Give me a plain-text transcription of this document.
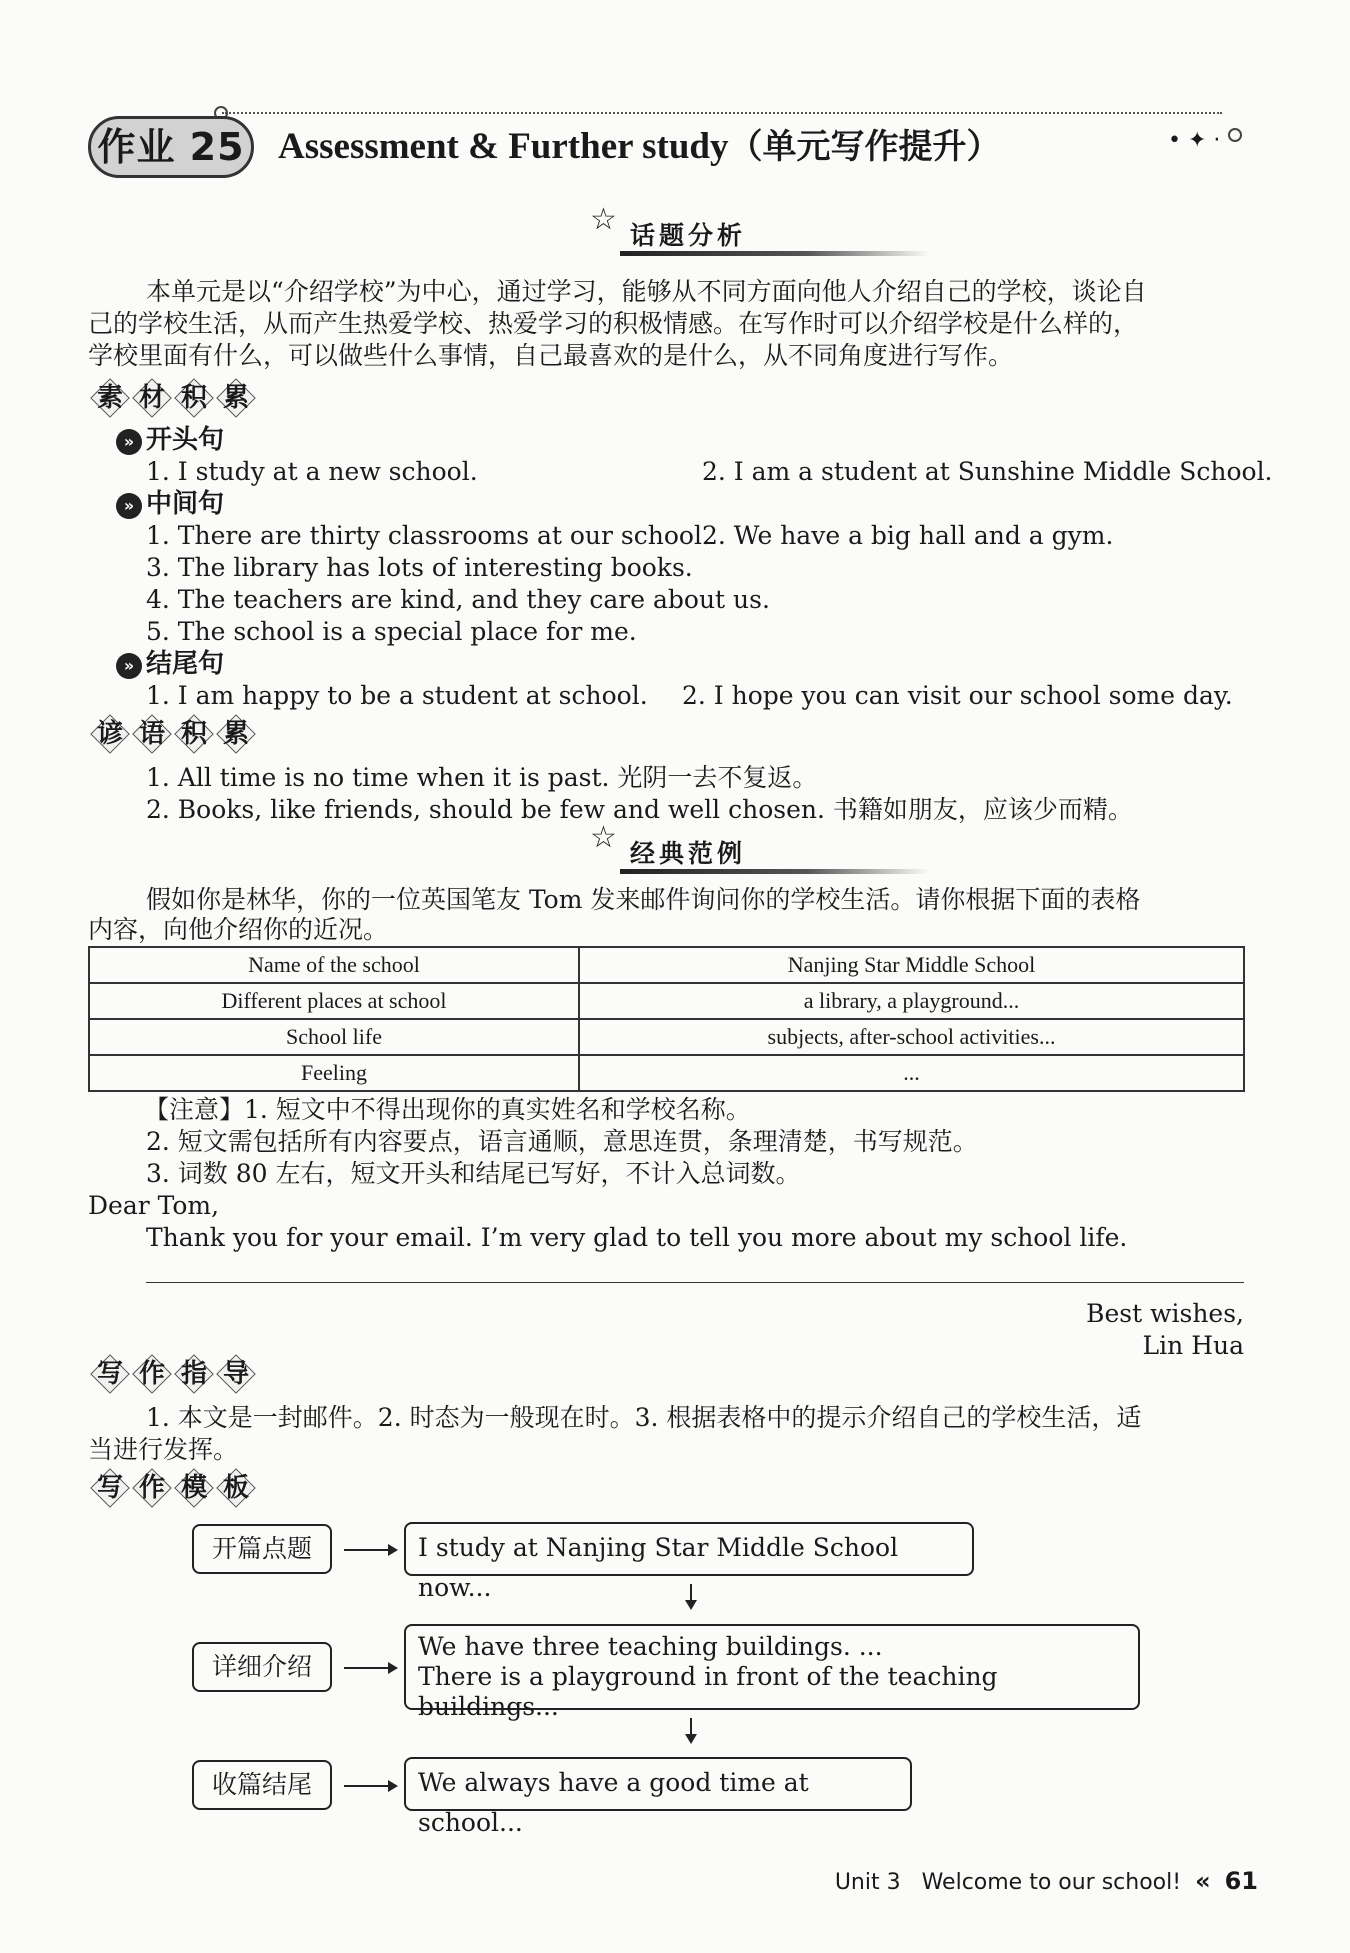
• ✦ ·
作业 25 Assessment & Further study（单元写作提升）
☆ 话题分析
本单元是以“介绍学校”为中心，通过学习，能够从不同方面向他人介绍自己的学校，谈论自
己的学校生活，从而产生热爱学校、热爱学习的积极情感。在写作时可以介绍学校是什么样的，
学校里面有什么，可以做些什么事情，自己最喜欢的是什么，从不同角度进行写作。
素 材 积 累
» 开头句
1. I study at a new school.	2. I am a student at Sunshine Middle School.
» 中间句
1. There are thirty classrooms at our school.
2. We have a big hall and a gym.
3. The library has lots of interesting books.
4. The teachers are kind, and they care about us.
5. The school is a special place for me.
» 结尾句
1. I am happy to be a student at school. 2. I hope you can visit our school some day.
谚 语 积 累
1. All time is no time when it is past. 光阴一去不复返。
2. Books, like friends, should be few and well chosen. 书籍如朋友，应该少而精。
☆ 经典范例
假如你是林华，你的一位英国笔友 Tom 发来邮件询问你的学校生活。请你根据下面的表格
内容，向他介绍你的近况。
Name of the school	Nanjing Star Middle School
Different places at school	a library, a playground...
School life	subjects, after-school activities...
Feeling	...
【注意】1. 短文中不得出现你的真实姓名和学校名称。
2. 短文需包括所有内容要点，语言通顺，意思连贯，条理清楚，书写规范。
3. 词数 80 左右，短文开头和结尾已写好，不计入总词数。
Dear Tom,
Thank you for your email. I’m very glad to tell you more about my school life.
Best wishes,
Lin Hua
写 作 指 导
1. 本文是一封邮件。2. 时态为一般现在时。3. 根据表格中的提示介绍自己的学校生活，适
当进行发挥。
写 作 模 板
开篇点题	I study at Nanjing Star Middle School now...
详细介绍
We have three teaching buildings. ...
There is a playground in front of the teaching buildings...
收篇结尾	We always have a good time at school...
Unit 3 Welcome to our school! « 61
